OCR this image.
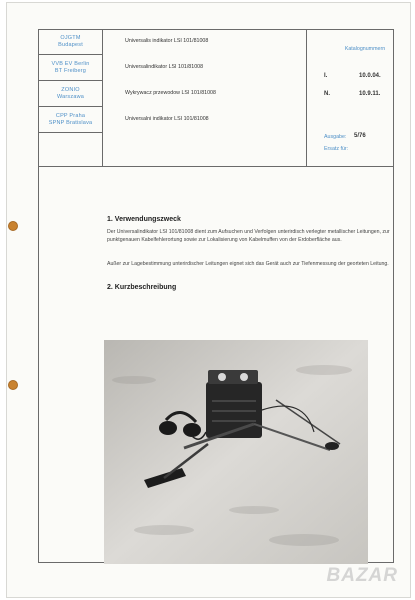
OJGTM
Budapest
VVB EV Berlin
BT Freiberg
ZONIO
Warszawa
CPP Praha
SPNP Bratislava
Universalis indikator LSI 101/81008
Universalindikator LSI 101/81008
Wykrywacz przewodow LSI 101/81008
Universalni indikator LSI 101/81008
Katalognummern
I.	10.0.04.
N.	10.9.11.
Ausgabe: 5/76
Ersatz für:
1. Verwendungszweck
Der Universalindikator LSI 101/81008 dient zum Aufsuchen und Verfolgen unterirdisch verlegter metallischer Leitungen, zur punktgenauen Kabelfehlerortung sowie zur Lokalisierung von Kabelmuffen von der Erdoberfläche aus.
Außer zur Lagebestimmung unterirdischer Leitungen eignet sich das Gerät auch zur Tiefenmessung der georteten Leitung.
2. Kurzbeschreibung
BAZAR
